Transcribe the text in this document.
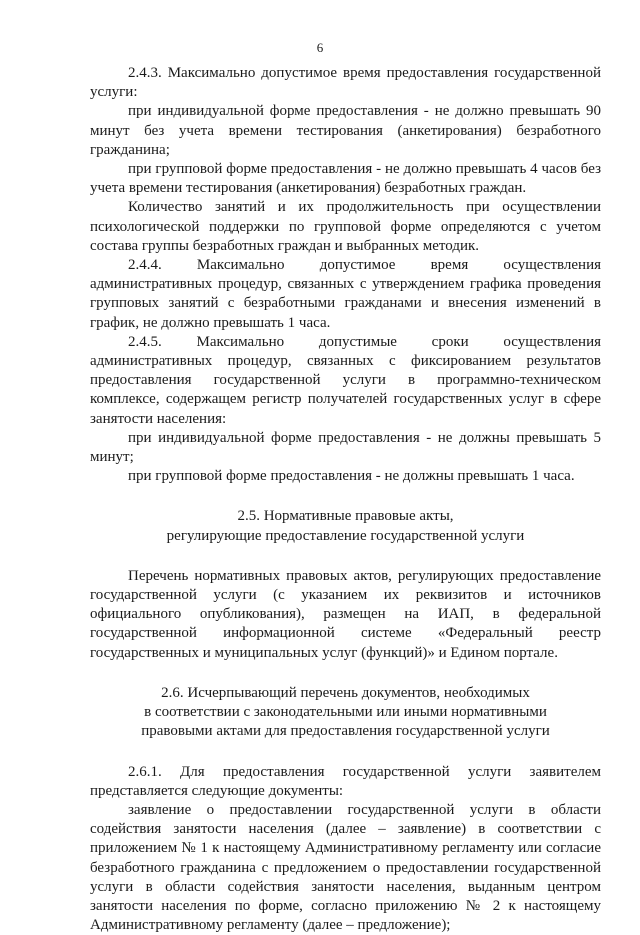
6

2.4.3. Максимально допустимое время предоставления государственной услуги:

при индивидуальной форме предоставления - не должно превышать 90 минут без учета времени тестирования (анкетирования) безработного гражданина;

при групповой форме предоставления - не должно превышать 4 часов без учета времени тестирования (анкетирования) безработных граждан.

Количество занятий и их продолжительность при осуществлении психологической поддержки по групповой форме определяются с учетом состава группы безработных граждан и выбранных методик.

2.4.4. Максимально допустимое время осуществления административных процедур, связанных с утверждением графика проведения групповых занятий с безработными гражданами и внесения изменений в график, не должно превышать 1 часа.

2.4.5. Максимально допустимые сроки осуществления административных процедур, связанных с фиксированием результатов предоставления государственной услуги в программно-техническом комплексе, содержащем регистр получателей государственных услуг в сфере занятости населения:

при индивидуальной форме предоставления - не должны превышать 5 минут;

при групповой форме предоставления - не должны превышать 1 часа.

2.5. Нормативные правовые акты,
регулирующие предоставление государственной услуги

Перечень нормативных правовых актов, регулирующих предоставление государственной услуги (с указанием их реквизитов и источников официального опубликования), размещен на ИАП, в федеральной государственной информационной системе «Федеральный реестр государственных и муниципальных услуг (функций)» и Едином портале.

2.6. Исчерпывающий перечень документов, необходимых
в соответствии с законодательными или иными нормативными
правовыми актами для предоставления государственной услуги

2.6.1. Для предоставления государственной услуги заявителем представляется следующие документы:

заявление о предоставлении государственной услуги в области содействия занятости населения (далее – заявление) в соответствии с приложением № 1 к настоящему Административному регламенту или согласие безработного гражданина с предложением о предоставлении государственной услуги в области содействия занятости населения, выданным центром занятости населения по форме, согласно приложению № 2 к настоящему Административному регламенту (далее – предложение);
